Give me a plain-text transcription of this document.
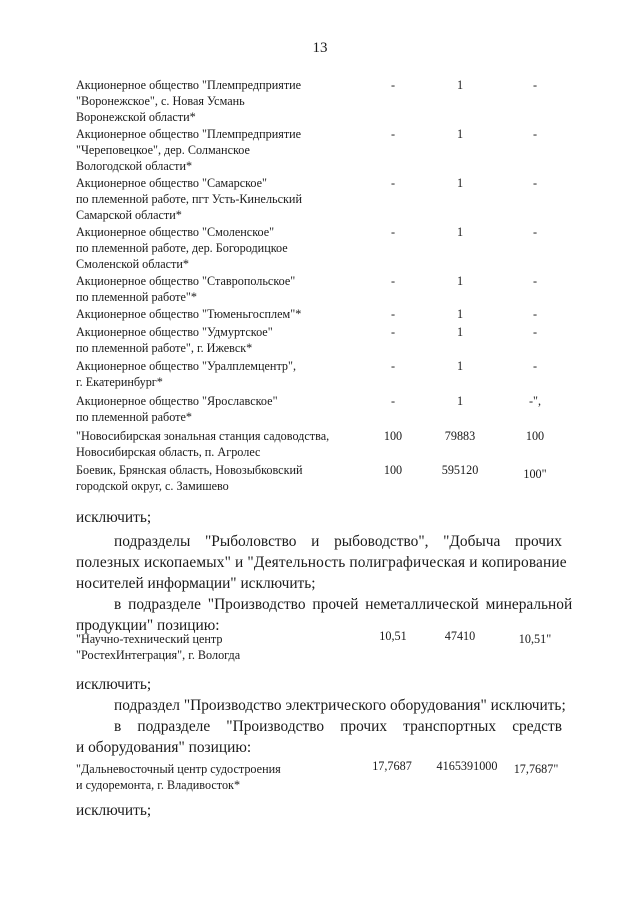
13
Акционерное общество "Племпредприятие
"Воронежское", с. Новая Усмань
Воронежской области*
-	1	-
Акционерное общество "Племпредприятие
"Череповецкое", дер. Солманское
Вологодской области*
-	1	-
Акционерное общество "Самарское"
по племенной работе, пгт Усть-Кинельский
Самарской области*
-	1	-
Акционерное общество "Смоленское"
по племенной работе, дер. Богородицкое
Смоленской области*
-	1	-
Акционерное общество "Ставропольское"
по племенной работе"*
-	1	-
Акционерное общество "Тюменьгосплем"*	-	1	-
Акционерное общество "Удмуртское"
по племенной работе", г. Ижевск*
-	1	-
Акционерное общество "Уралплемцентр",
г. Екатеринбург*
-	1	-
Акционерное общество "Ярославское"
по племенной работе*
-	1	-",
"Новосибирская зональная станция садоводства,
Новосибирская область, п. Агролес
100	79883	100
Боевик, Брянская область, Новозыбковский
городской округ, с. Замишево
100	595120	100"
исключить;
подразделы "Рыболовство и рыбоводство", "Добыча прочих
полезных ископаемых" и "Деятельность полиграфическая и копирование
носителей информации" исключить;
в подразделе "Производство прочей неметаллической минеральной
продукции" позицию:
"Научно-технический центр
"РостехИнтеграция", г. Вологда
10,51	47410	10,51"
исключить;
подраздел "Производство электрического оборудования" исключить;
в подразделе "Производство прочих транспортных средств
и оборудования" позицию:
"Дальневосточный центр судостроения
и судоремонта, г. Владивосток*
17,7687	4165391000	17,7687"
исключить;
